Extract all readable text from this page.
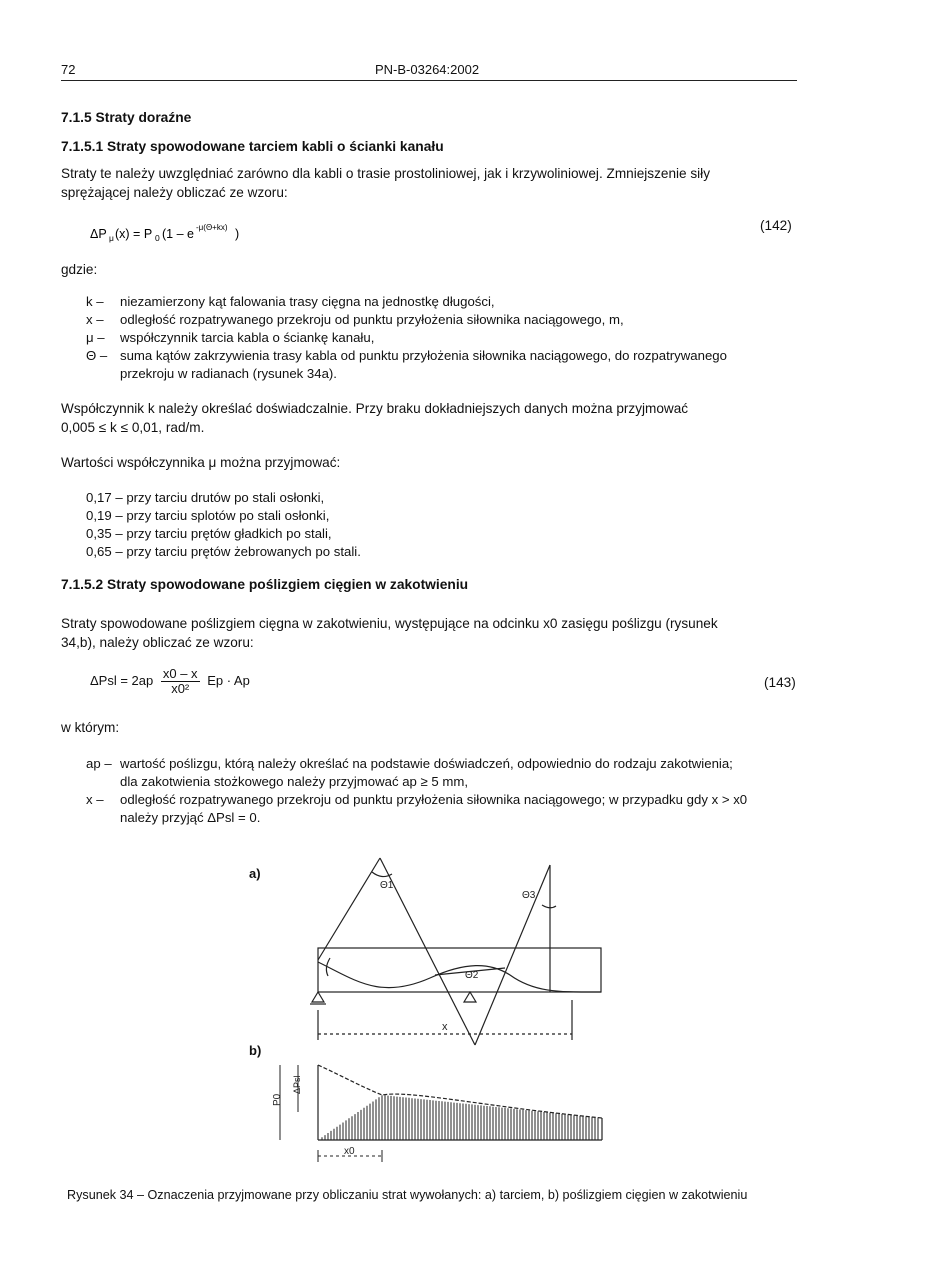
72	PN-B-03264:2002
7.1.5 Straty doraźne
7.1.5.1 Straty spowodowane tarciem kabli o ścianki kanału
Straty te należy uwzględniać zarówno dla kabli o trasie prostoliniowej, jak i krzywoliniowej. Zmniejszenie siły
sprężającej należy obliczać ze wzoru:
ΔP μ (x) = P 0 (1 – e -μ(Θ+kx) )
(142)
gdzie:
k –	niezamierzony kąt falowania trasy cięgna na jednostkę długości,
x –	odległość rozpatrywanego przekroju od punktu przyłożenia siłownika naciągowego, m,
μ –	współczynnik tarcia kabla o ściankę kanału,
Θ – suma kątów zakrzywienia trasy kabla od punktu przyłożenia siłownika naciągowego, do rozpatrywanego
przekroju w radianach (rysunek 34a).
Współczynnik k należy określać doświadczalnie. Przy braku dokładniejszych danych można przyjmować
0,005 ≤ k ≤ 0,01, rad/m.
Wartości współczynnika μ można przyjmować:
0,17 – przy tarciu drutów po stali osłonki,
0,19 – przy tarciu splotów po stali osłonki,
0,35 – przy tarciu prętów gładkich po stali,
0,65 – przy tarciu prętów żebrowanych po stali.
7.1.5.2 Straty spowodowane poślizgiem cięgien w zakotwieniu
Straty spowodowane poślizgiem cięgna w zakotwieniu, występujące na odcinku x0 zasięgu poślizgu (rysunek
34,b), należy obliczać ze wzoru:
$\Delta Psl = 2ap \frac{x0 - x}{\text{x0²}}$ Ep · Ap	(143)
w którym:
ap – wartość poślizgu, którą należy określać na podstawie doświadczeń, odpowiednio do rodzaju zakotwienia;
dla zakotwienia stożkowego należy przyjmować ap ≥ 5 mm,
x –	odległość rozpatrywanego przekroju od punktu przyłożenia siłownika naciągowego; w przypadku gdy x > x0
należy przyjąć ΔPsl = 0.
a)
b)
Θ1
Θ2
Θ3
x
P0
ΔPsl
x0
Rysunek 34 – Oznaczenia przyjmowane przy obliczaniu strat wywołanych: a) tarciem, b) poślizgiem cięgien w zakotwieniu
